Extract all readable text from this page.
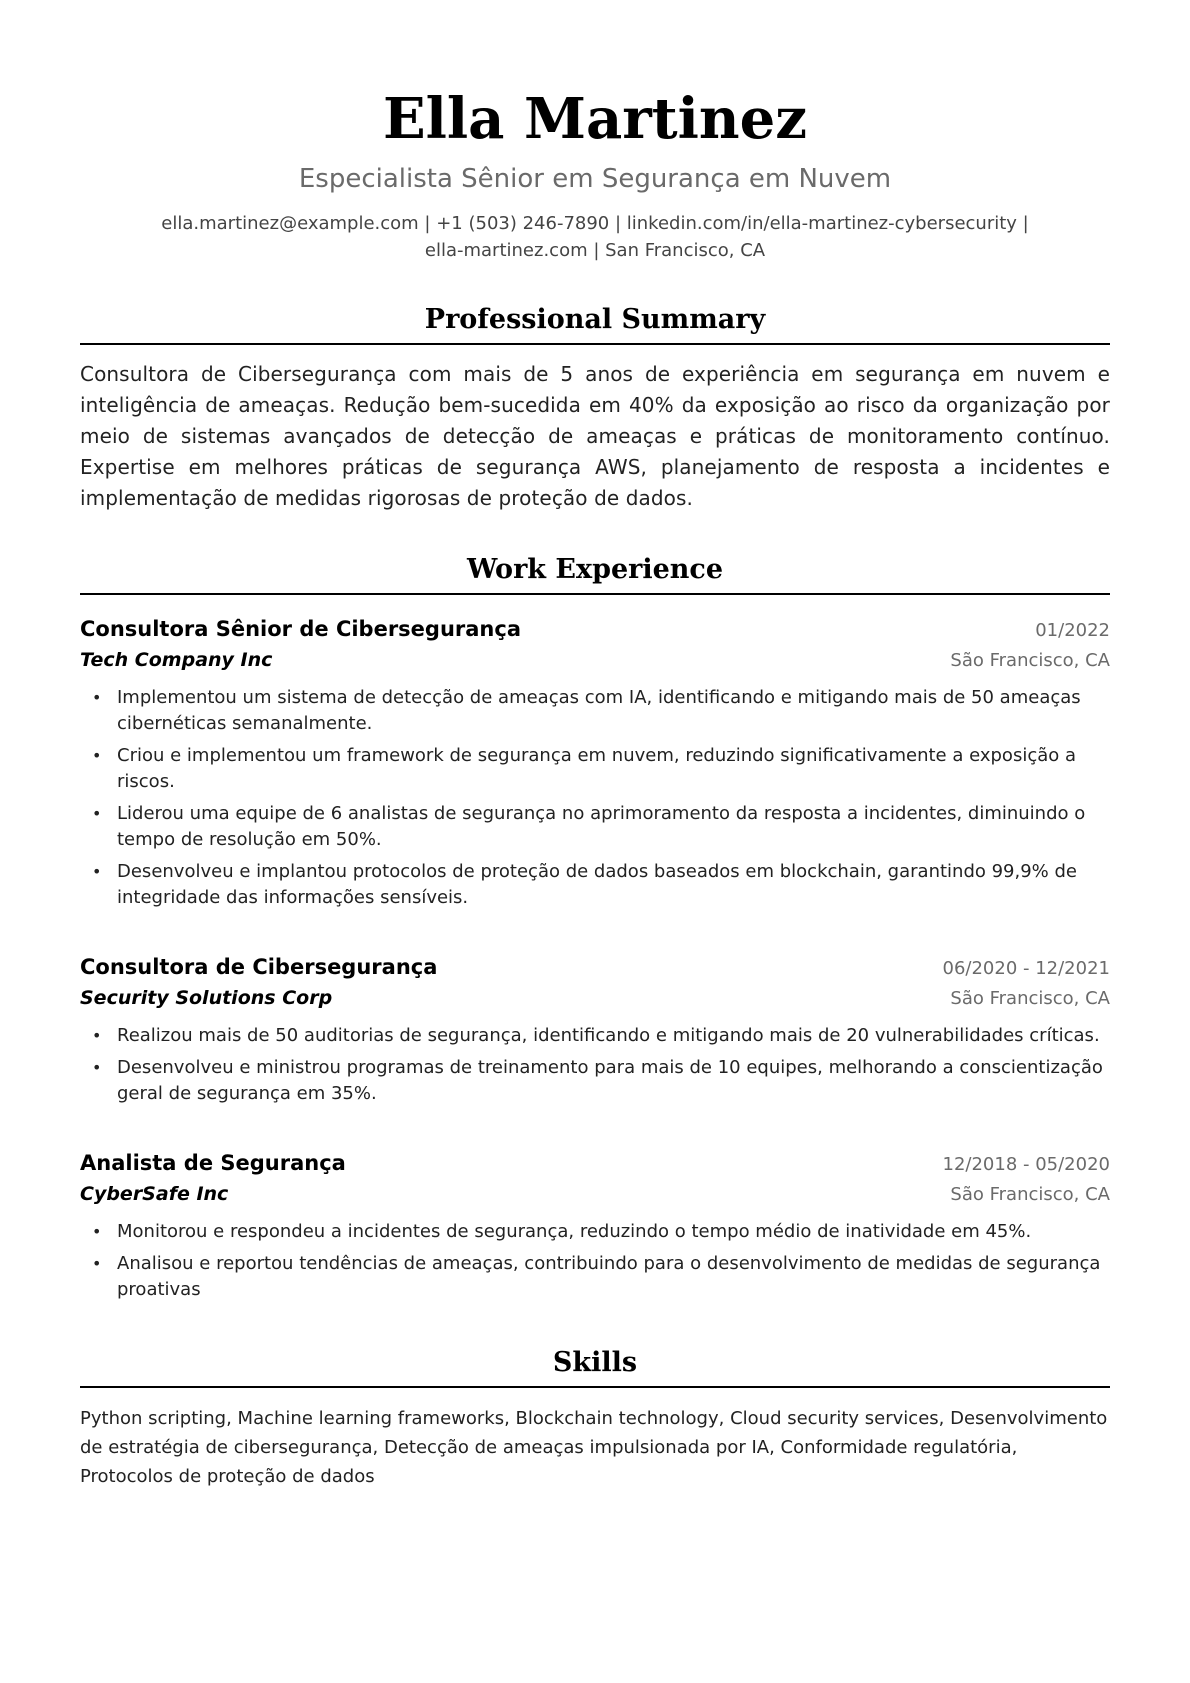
Ella Martinez
Especialista Sênior em Segurança em Nuvem
ella.martinez@example.com | +1 (503) 246-7890 | linkedin.com/in/ella-martinez-cybersecurity |
ella-martinez.com | San Francisco, CA
Professional Summary

Consultora de Cibersegurança com mais de 5 anos de experiência em segurança em nuvem e inteligência de ameaças. Redução bem-sucedida em 40% da exposição ao risco da organização por meio de sistemas avançados de detecção de ameaças e práticas de monitoramento contínuo. Expertise em melhores práticas de segurança AWS, planejamento de resposta a incidentes e implementação de medidas rigorosas de proteção de dados.

Work Experience
Consultora Sênior de Cibersegurança	01/2022
Tech Company Inc	São Francisco, CA
• Implementou um sistema de detecção de ameaças com IA, identificando e mitigando mais de 50 ameaças cibernéticas semanalmente.
• Criou e implementou um framework de segurança em nuvem, reduzindo significativamente a exposição a riscos.
• Liderou uma equipe de 6 analistas de segurança no aprimoramento da resposta a incidentes, diminuindo o tempo de resolução em 50%.
• Desenvolveu e implantou protocolos de proteção de dados baseados em blockchain, garantindo 99,9% de integridade das informações sensíveis.
Consultora de Cibersegurança	06/2020 - 12/2021
Security Solutions Corp	São Francisco, CA
• Realizou mais de 50 auditorias de segurança, identificando e mitigando mais de 20 vulnerabilidades críticas.
• Desenvolveu e ministrou programas de treinamento para mais de 10 equipes, melhorando a conscientização geral de segurança em 35%.
Analista de Segurança	12/2018 - 05/2020
CyberSafe Inc	São Francisco, CA
• Monitorou e respondeu a incidentes de segurança, reduzindo o tempo médio de inatividade em 45%.
• Analisou e reportou tendências de ameaças, contribuindo para o desenvolvimento de medidas de segurança proativas
Skills

Python scripting, Machine learning frameworks, Blockchain technology, Cloud security services, Desenvolvimento de estratégia de cibersegurança, Detecção de ameaças impulsionada por IA, Conformidade regulatória, Protocolos de proteção de dados
